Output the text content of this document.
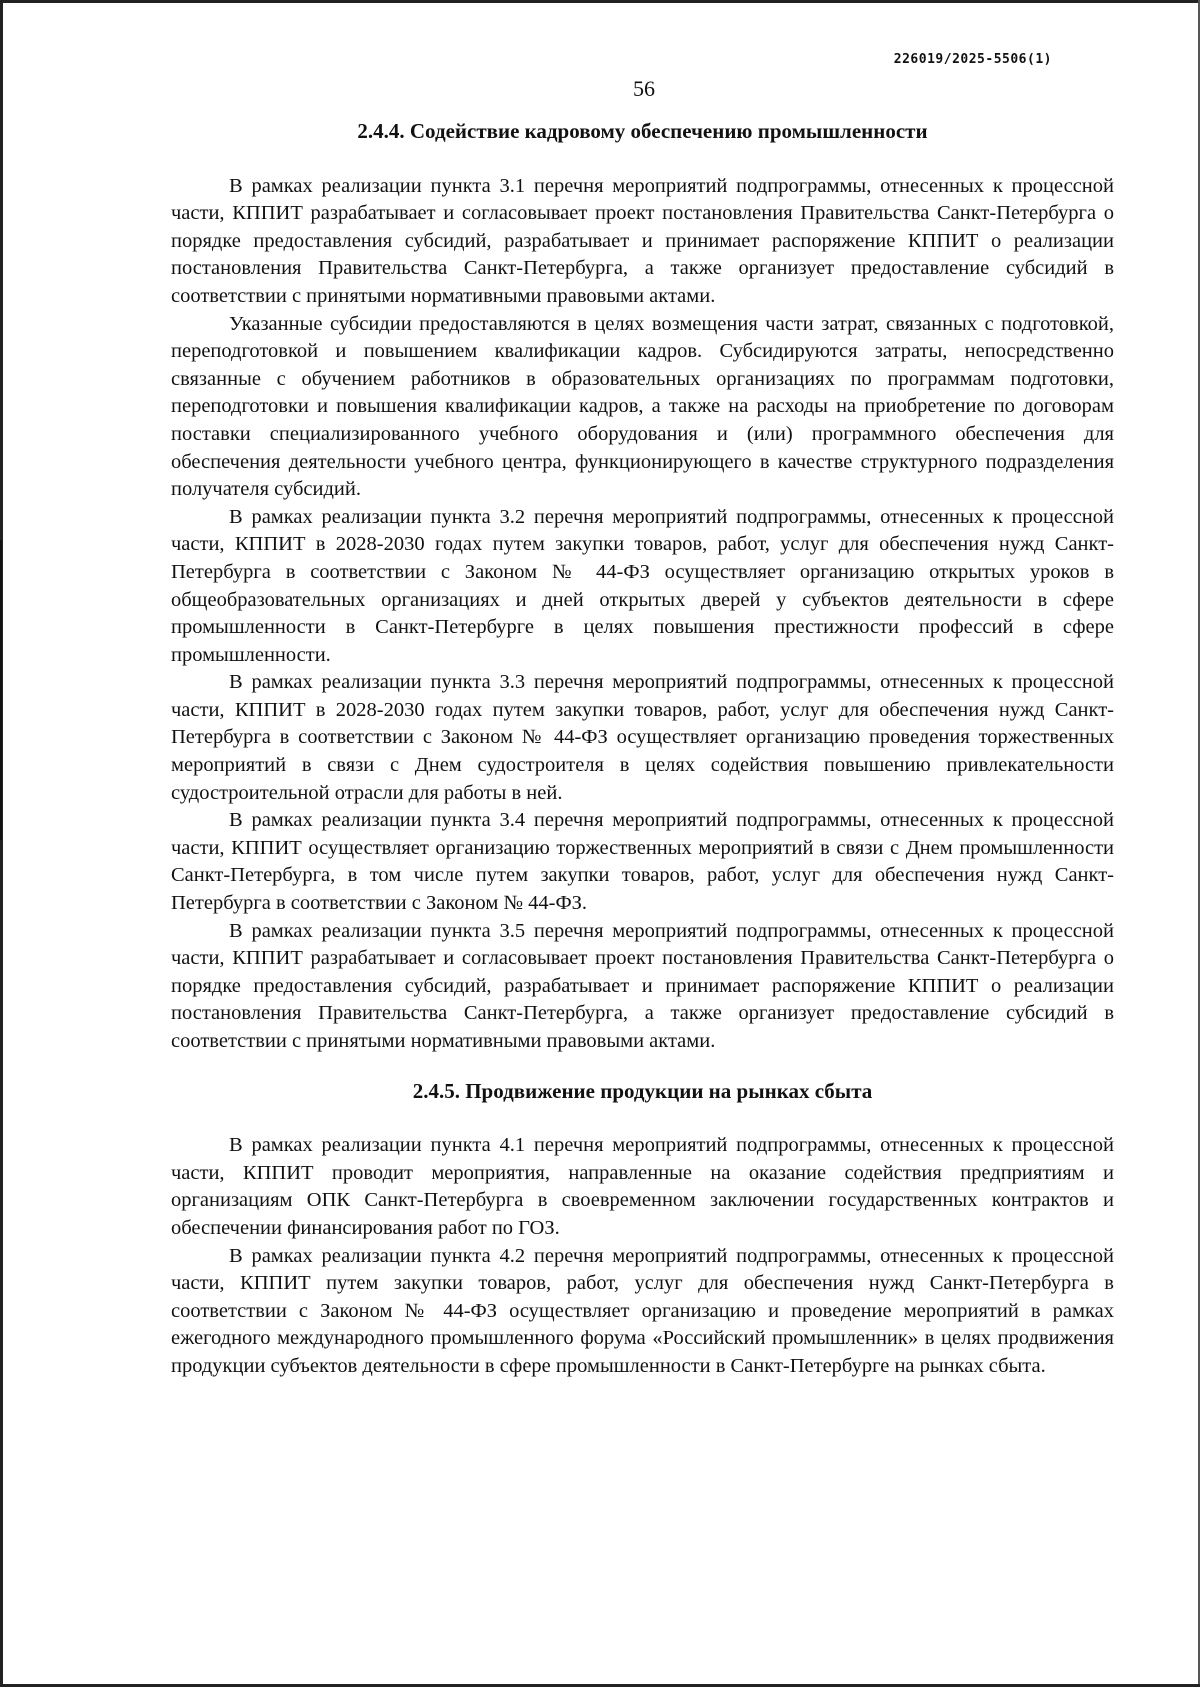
226019/2025-5506(1)
56
2.4.4. Содействие кадровому обеспечению промышленности

В рамках реализации пункта 3.1 перечня мероприятий подпрограммы, отнесенных к процессной части, КППИТ разрабатывает и согласовывает проект постановления Правительства Санкт-Петербурга о порядке предоставления субсидий, разрабатывает и принимает распоряжение КППИТ о реализации постановления Правительства Санкт-Петербурга, а также организует предоставление субсидий в соответствии с принятыми нормативными правовыми актами.

Указанные субсидии предоставляются в целях возмещения части затрат, связанных с подготовкой, переподготовкой и повышением квалификации кадров. Субсидируются затраты, непосредственно связанные с обучением работников в образовательных организациях по программам подготовки, переподготовки и повышения квалификации кадров, а также на расходы на приобретение по договорам поставки специализированного учебного оборудования и (или) программного обеспечения для обеспечения деятельности учебного центра, функционирующего в качестве структурного подразделения получателя субсидий.

В рамках реализации пункта 3.2 перечня мероприятий подпрограммы, отнесенных к процессной части, КППИТ в 2028-2030 годах путем закупки товаров, работ, услуг для обеспечения нужд Санкт-Петербурга в соответствии с Законом № 44-ФЗ осуществляет организацию открытых уроков в общеобразовательных организациях и дней открытых дверей у субъектов деятельности в сфере промышленности в Санкт-Петербурге в целях повышения престижности профессий в сфере промышленности.

В рамках реализации пункта 3.3 перечня мероприятий подпрограммы, отнесенных к процессной части, КППИТ в 2028-2030 годах путем закупки товаров, работ, услуг для обеспечения нужд Санкт-Петербурга в соответствии с Законом № 44-ФЗ осуществляет организацию проведения торжественных мероприятий в связи с Днем судостроителя в целях содействия повышению привлекательности судостроительной отрасли для работы в ней.

В рамках реализации пункта 3.4 перечня мероприятий подпрограммы, отнесенных к процессной части, КППИТ осуществляет организацию торжественных мероприятий в связи с Днем промышленности Санкт-Петербурга, в том числе путем закупки товаров, работ, услуг для обеспечения нужд Санкт-Петербурга в соответствии с Законом № 44-ФЗ.

В рамках реализации пункта 3.5 перечня мероприятий подпрограммы, отнесенных к процессной части, КППИТ разрабатывает и согласовывает проект постановления Правительства Санкт-Петербурга о порядке предоставления субсидий, разрабатывает и принимает распоряжение КППИТ о реализации постановления Правительства Санкт-Петербурга, а также организует предоставление субсидий в соответствии с принятыми нормативными правовыми актами.

2.4.5. Продвижение продукции на рынках сбыта

В рамках реализации пункта 4.1 перечня мероприятий подпрограммы, отнесенных к процессной части, КППИТ проводит мероприятия, направленные на оказание содействия предприятиям и организациям ОПК Санкт-Петербурга в своевременном заключении государственных контрактов и обеспечении финансирования работ по ГОЗ.

В рамках реализации пункта 4.2 перечня мероприятий подпрограммы, отнесенных к процессной части, КППИТ путем закупки товаров, работ, услуг для обеспечения нужд Санкт-Петербурга в соответствии с Законом № 44-ФЗ осуществляет организацию и проведение мероприятий в рамках ежегодного международного промышленного форума «Российский промышленник» в целях продвижения продукции субъектов деятельности в сфере промышленности в Санкт-Петербурге на рынках сбыта.
